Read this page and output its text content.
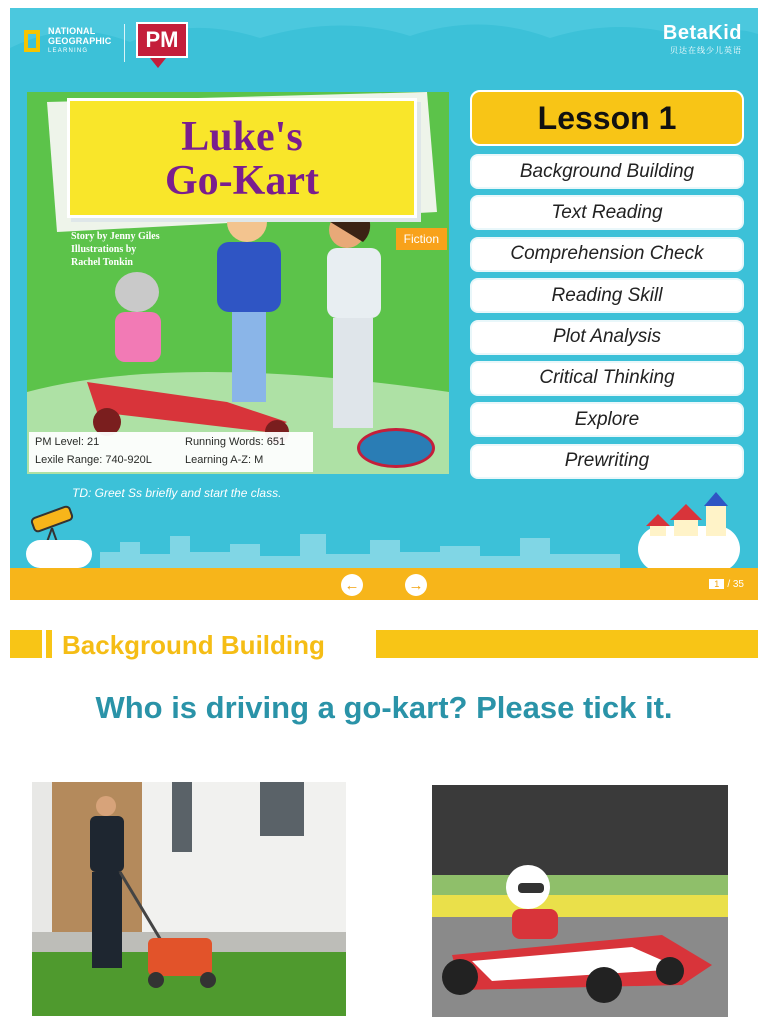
NATIONAL
GEOGRAPHIC
LEARNING	PM	BetaKid
贝达在线少儿英语
Luke's
Go-Kart
Story by Jenny Giles
Illustrations by
Rachel Tonkin
Fiction
PM Level: 21	Running Words: 651
Lexile Range: 740-920L	Learning A-Z: M
Lesson 1
Background Building
Text Reading
Comprehension Check
Reading Skill
Plot Analysis
Critical Thinking
Explore
Prewriting
TD: Greet Ss briefly and start the class.
←	→	1 / 35
Background Building
Who is driving a go-kart? Please tick it.
